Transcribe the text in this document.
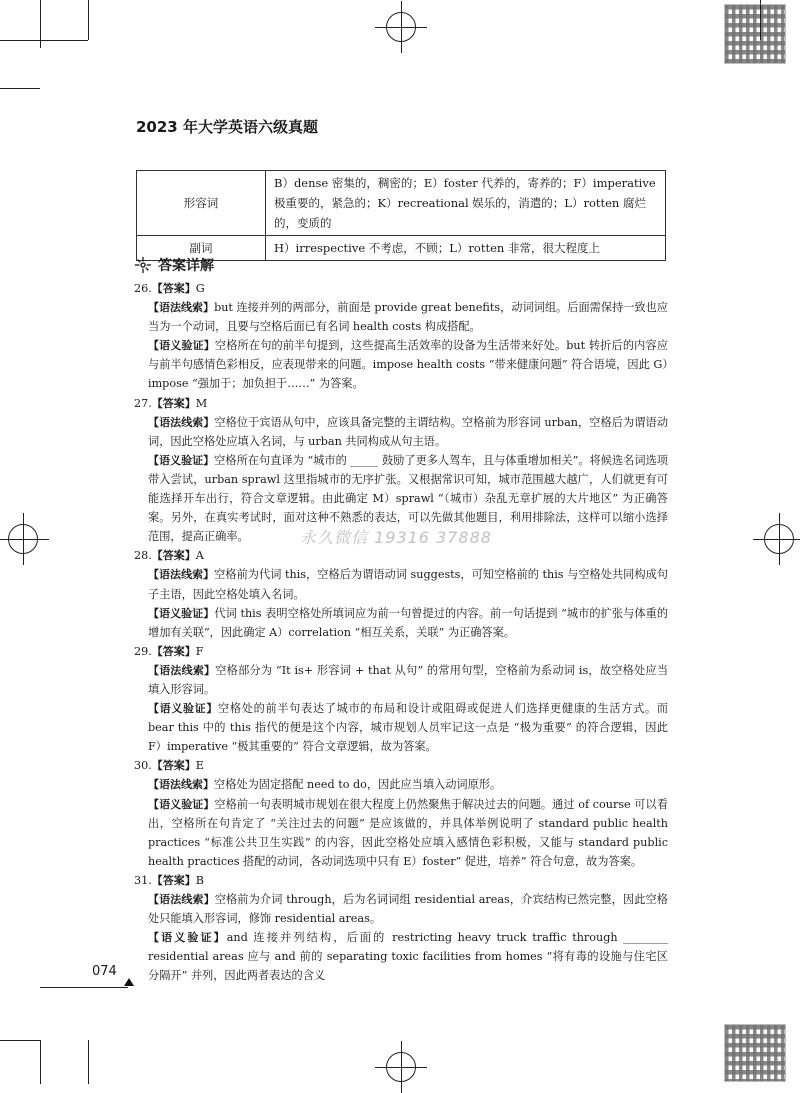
2023 年大学英语六级真题
形容词	B）dense 密集的，稠密的；E）foster 代养的，寄养的；F）imperative 极重要的，紧急的；K）recreational 娱乐的，消遣的；L）rotten 腐烂的，变质的
副词	H）irrespective 不考虑，不顾；L）rotten 非常，很大程度上
答案详解
26.【答案】G
【语法线索】but 连接并列的两部分，前面是 provide great benefits，动词词组。后面需保持一致也应当为一个动词，且要与空格后面已有名词 health costs 构成搭配。
【语义验证】空格所在句的前半句提到，这些提高生活效率的设备为生活带来好处。but 转折后的内容应与前半句感情色彩相反，应表现带来的问题。impose health costs “带来健康问题” 符合语境，因此 G）impose “强加于；加负担于……” 为答案。
27.【答案】M
【语法线索】空格位于宾语从句中，应该具备完整的主谓结构。空格前为形容词 urban，空格后为谓语动词，因此空格处应填入名词，与 urban 共同构成从句主语。
【语义验证】空格所在句直译为 “城市的 _____ 鼓励了更多人驾车，且与体重增加相关”。将候选名词选项带入尝试，urban sprawl 这里指城市的无序扩张。又根据常识可知，城市范围越大越广，人们就更有可能选择开车出行，符合文章逻辑。由此确定 M）sprawl “（城市）杂乱无章扩展的大片地区” 为正确答案。另外，在真实考试时，面对这种不熟悉的表达，可以先做其他题目，利用排除法，这样可以缩小选择范围，提高正确率。
28.【答案】A
【语法线索】空格前为代词 this，空格后为谓语动词 suggests，可知空格前的 this 与空格处共同构成句子主语，因此空格处填入名词。
【语义验证】代词 this 表明空格处所填词应为前一句曾提过的内容。前一句话提到 “城市的扩张与体重的增加有关联”，因此确定 A）correlation “相互关系，关联” 为正确答案。
29.【答案】F
【语法线索】空格部分为 “It is+ 形容词 + that 从句” 的常用句型，空格前为系动词 is，故空格处应当填入形容词。
【语义验证】空格处的前半句表达了城市的布局和设计或阻碍或促进人们选择更健康的生活方式。而 bear this 中的 this 指代的便是这个内容，城市规划人员牢记这一点是 “极为重要” 的符合逻辑，因此 F）imperative “极其重要的” 符合文章逻辑，故为答案。
30.【答案】E
【语法线索】空格处为固定搭配 need to do，因此应当填入动词原形。
【语义验证】空格前一句表明城市规划在很大程度上仍然聚焦于解决过去的问题。通过 of course 可以看出，空格所在句肯定了 “关注过去的问题” 是应该做的，并具体举例说明了 standard public health practices “标准公共卫生实践” 的内容，因此空格处应填入感情色彩积极，又能与 standard public health practices 搭配的动词，各动词选项中只有 E）foster” 促进，培养” 符合句意，故为答案。
31.【答案】B
【语法线索】空格前为介词 through，后为名词词组 residential areas，介宾结构已然完整，因此空格处只能填入形容词，修饰 residential areas。
【语义验证】and 连接并列结构，后面的 restricting heavy truck traffic through ________ residential areas 应与 and 前的 separating toxic facilities from homes “将有毒的设施与住宅区分隔开” 并列，因此两者表达的含义
永久微信 19316 37888
074
